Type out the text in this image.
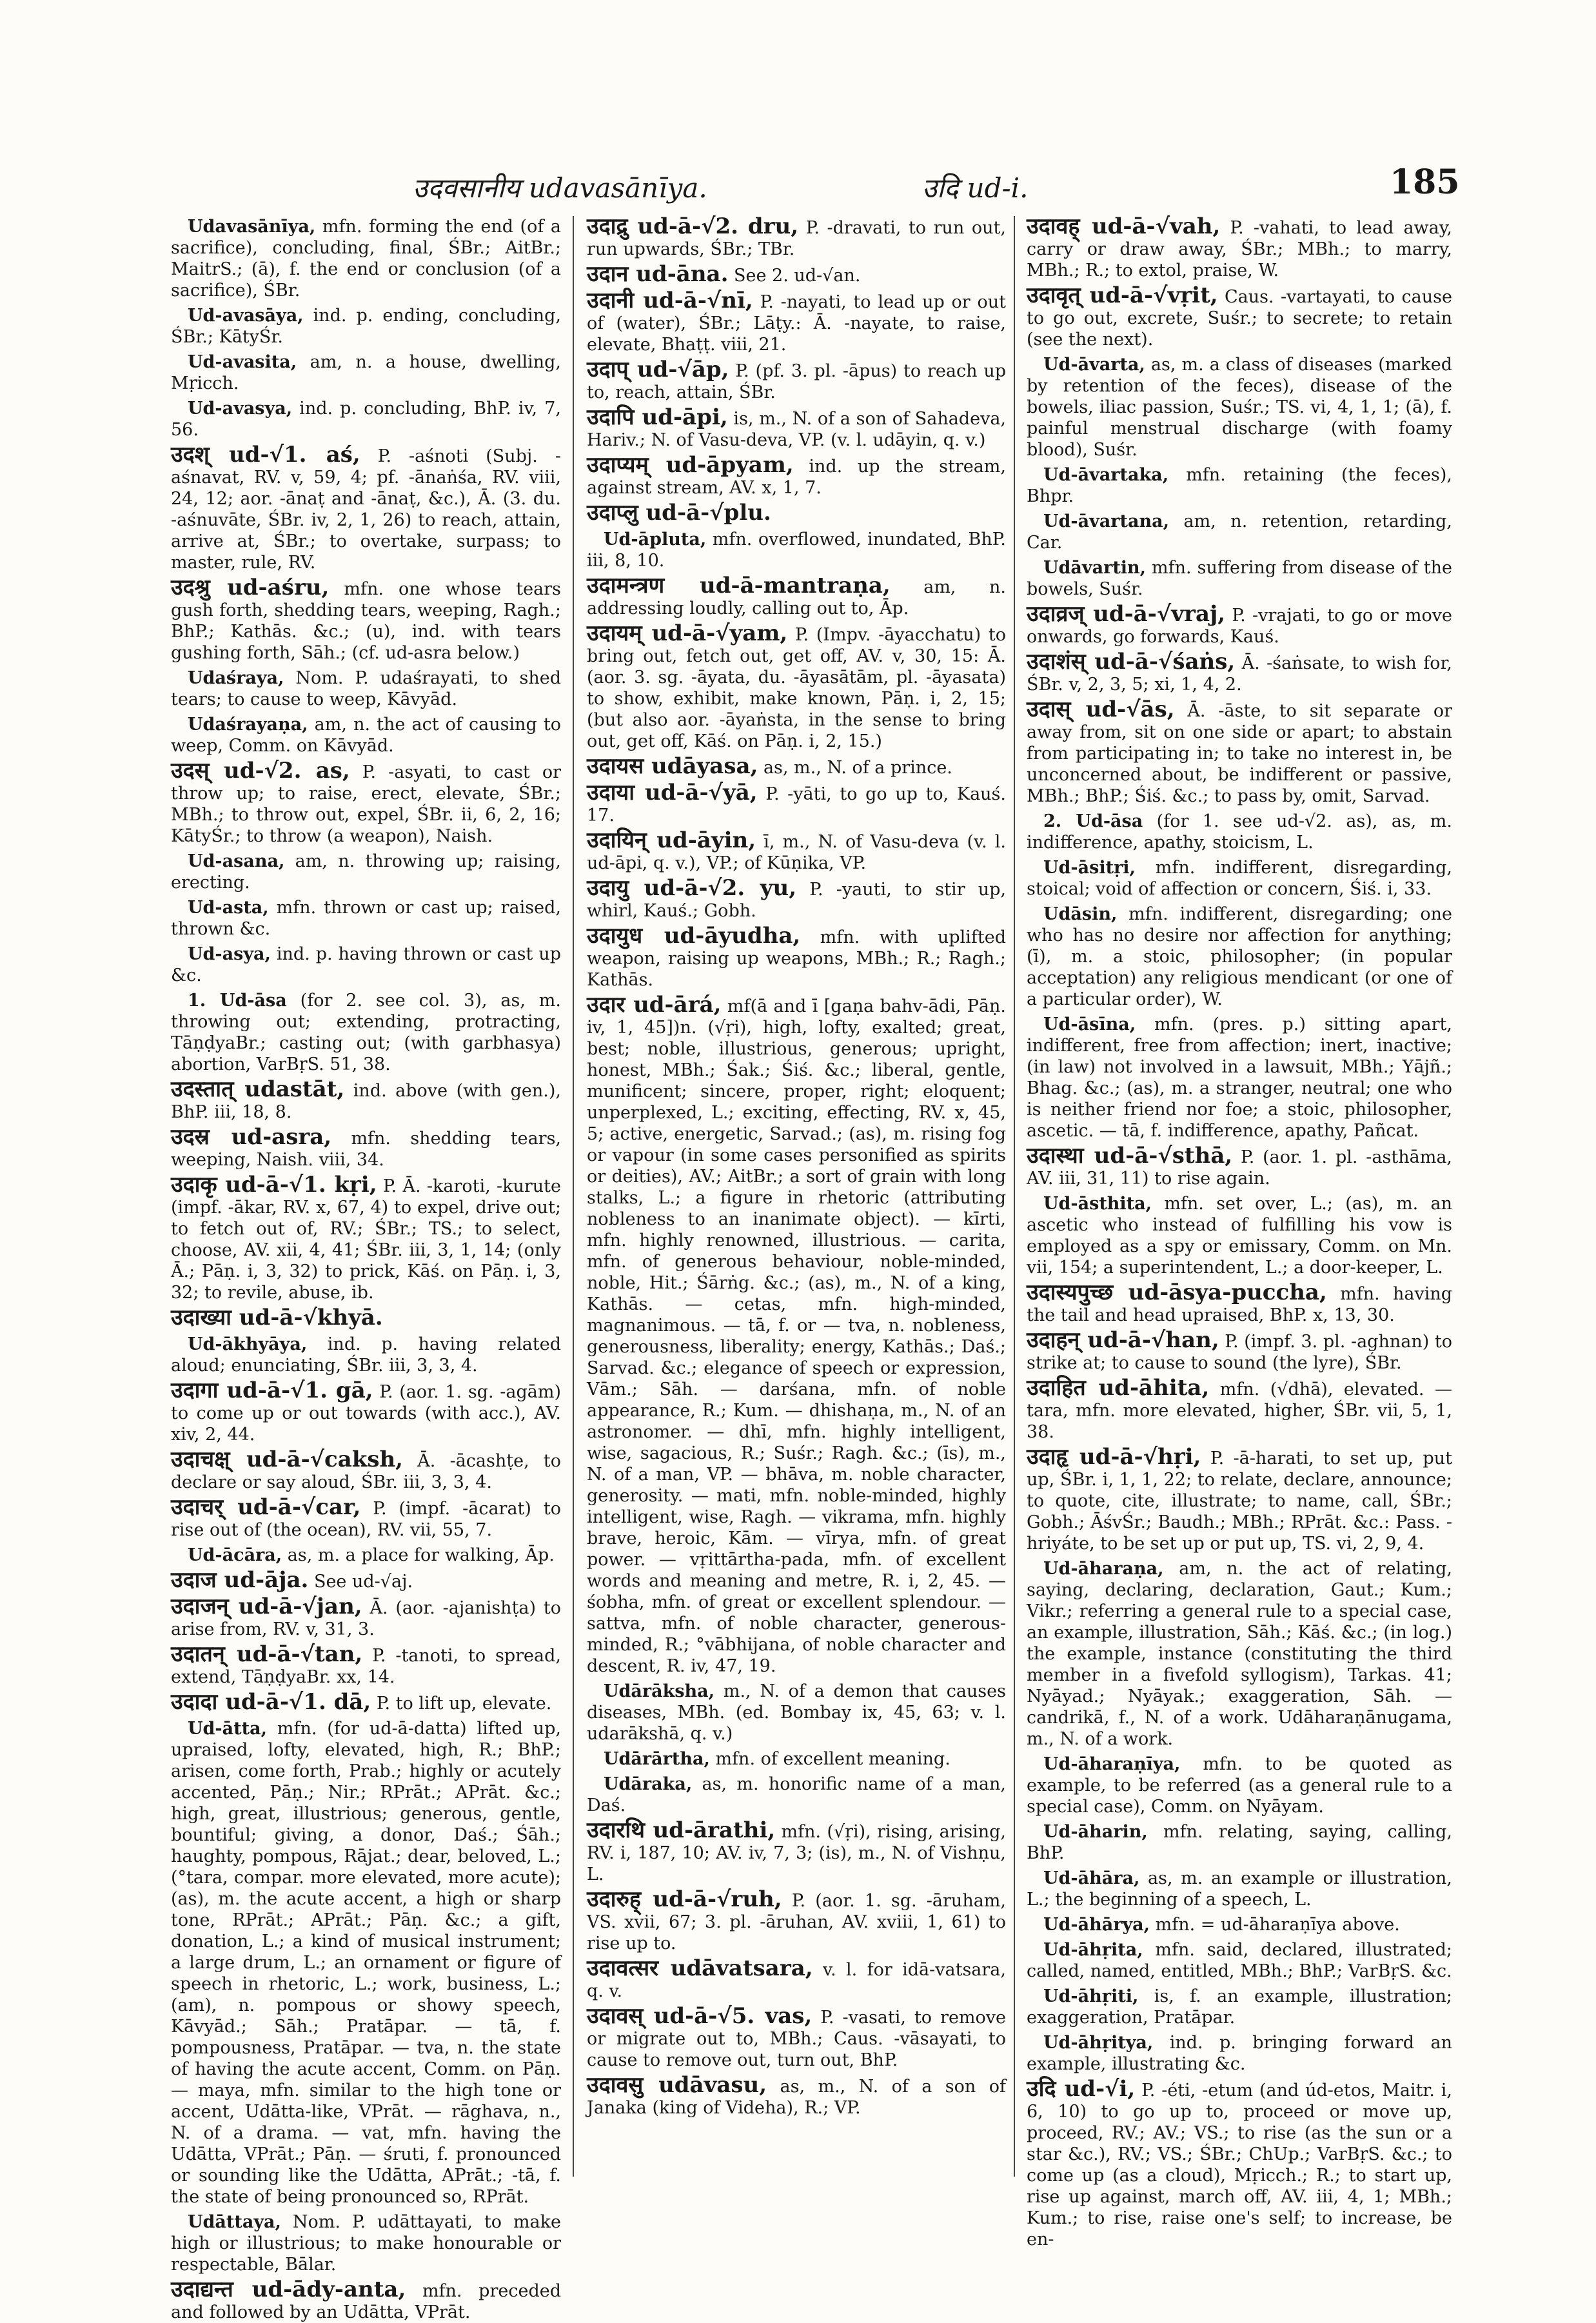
उदवसानीय udavasānīya.	उदि ud-i.	185

Udavasānīya, mfn. forming the end (of a sacrifice), concluding, final, ŚBr.; AitBr.; MaitrS.; (ā), f. the end or conclusion (of a sacrifice), ŚBr.

Ud-avasāya, ind. p. ending, concluding, ŚBr.; KātyŚr.

Ud-avasita, am, n. a house, dwelling, Mṛicch.

Ud-avasya, ind. p. concluding, BhP. iv, 7, 56.

उदश् ud-√1. aś, P. -aśnoti (Subj. -aśnavat, RV. v, 59, 4; pf. -ānaṅśa, RV. viii, 24, 12; aor. -ānaṭ and -ānaṭ, &c.), Ā. (3. du. -aśnuvāte, ŚBr. iv, 2, 1, 26) to reach, attain, arrive at, ŚBr.; to overtake, surpass; to master, rule, RV.

उदश्रु ud-aśru, mfn. one whose tears gush forth, shedding tears, weeping, Ragh.; BhP.; Kathās. &c.; (u), ind. with tears gushing forth, Sāh.; (cf. ud-asra below.)

Udaśraya, Nom. P. udaśrayati, to shed tears; to cause to weep, Kāvyād.

Udaśrayaṇa, am, n. the act of causing to weep, Comm. on Kāvyād.

उदस् ud-√2. as, P. -asyati, to cast or throw up; to raise, erect, elevate, ŚBr.; MBh.; to throw out, expel, ŚBr. ii, 6, 2, 16; KātyŚr.; to throw (a weapon), Naish.

Ud-asana, am, n. throwing up; raising, erecting.

Ud-asta, mfn. thrown or cast up; raised, thrown &c.

Ud-asya, ind. p. having thrown or cast up &c.

1. Ud-āsa (for 2. see col. 3), as, m. throwing out; extending, protracting, TāṇḍyaBr.; casting out; (with garbhasya) abortion, VarBṛS. 51, 38.

उदस्तात् udastāt, ind. above (with gen.), BhP. iii, 18, 8.

उदस्र ud-asra, mfn. shedding tears, weeping, Naish. viii, 34.

उदाकृ ud-ā-√1. kṛi, P. Ā. -karoti, -kurute (impf. -ākar, RV. x, 67, 4) to expel, drive out; to fetch out of, RV.; ŚBr.; TS.; to select, choose, AV. xii, 4, 41; ŚBr. iii, 3, 1, 14; (only Ā.; Pāṇ. i, 3, 32) to prick, Kāś. on Pāṇ. i, 3, 32; to revile, abuse, ib.

उदाख्या ud-ā-√khyā.

Ud-ākhyāya, ind. p. having related aloud; enunciating, ŚBr. iii, 3, 3, 4.

उदागा ud-ā-√1. gā, P. (aor. 1. sg. -agām) to come up or out towards (with acc.), AV. xiv, 2, 44.

उदाचक्ष् ud-ā-√caksh, Ā. -ācashṭe, to declare or say aloud, ŚBr. iii, 3, 3, 4.

उदाचर् ud-ā-√car, P. (impf. -ācarat) to rise out of (the ocean), RV. vii, 55, 7.

Ud-ācāra, as, m. a place for walking, Āp.

उदाज ud-āja. See ud-√aj.

उदाजन् ud-ā-√jan, Ā. (aor. -ajanishṭa) to arise from, RV. v, 31, 3.

उदातन् ud-ā-√tan, P. -tanoti, to spread, extend, TāṇḍyaBr. xx, 14.

उदादा ud-ā-√1. dā, P. to lift up, elevate.

Ud-ātta, mfn. (for ud-ā-datta) lifted up, upraised, lofty, elevated, high, R.; BhP.; arisen, come forth, Prab.; highly or acutely accented, Pāṇ.; Nir.; RPrāt.; APrāt. &c.; high, great, illustrious; generous, gentle, bountiful; giving, a donor, Daś.; Śāh.; haughty, pompous, Rājat.; dear, beloved, L.; (°tara, compar. more elevated, more acute); (as), m. the acute accent, a high or sharp tone, RPrāt.; APrāt.; Pāṇ. &c.; a gift, donation, L.; a kind of musical instrument; a large drum, L.; an ornament or figure of speech in rhetoric, L.; work, business, L.; (am), n. pompous or showy speech, Kāvyād.; Sāh.; Pratāpar. — tā, f. pompousness, Pratāpar. — tva, n. the state of having the acute accent, Comm. on Pāṇ. — maya, mfn. similar to the high tone or accent, Udātta-like, VPrāt. — rāghava, n., N. of a drama. — vat, mfn. having the Udātta, VPrāt.; Pāṇ. — śruti, f. pronounced or sounding like the Udātta, APrāt.; -tā, f. the state of being pronounced so, RPrāt.

Udāttaya, Nom. P. udāttayati, to make high or illustrious; to make honourable or respectable, Bālar.

उदाद्यन्त ud-ādy-anta, mfn. preceded and followed by an Udātta, VPrāt.

उदाद्रु ud-ā-√2. dru, P. -dravati, to run out, run upwards, ŚBr.; TBr.

उदान ud-āna. See 2. ud-√an.

उदानी ud-ā-√nī, P. -nayati, to lead up or out of (water), ŚBr.; Lāṭy.: Ā. -nayate, to raise, elevate, Bhaṭṭ. viii, 21.

उदाप् ud-√āp, P. (pf. 3. pl. -āpus) to reach up to, reach, attain, ŚBr.

उदापि ud-āpi, is, m., N. of a son of Sahadeva, Hariv.; N. of Vasu-deva, VP. (v. l. udāyin, q. v.)

उदाप्यम् ud-āpyam, ind. up the stream, against stream, AV. x, 1, 7.

उदाप्लु ud-ā-√plu.

Ud-āpluta, mfn. overflowed, inundated, BhP. iii, 8, 10.

उदामन्त्रण ud-ā-mantraṇa, am, n. addressing loudly, calling out to, Āp.

उदायम् ud-ā-√yam, P. (Impv. -āyacchatu) to bring out, fetch out, get off, AV. v, 30, 15: Ā. (aor. 3. sg. -āyata, du. -āyasātām, pl. -āyasata) to show, exhibit, make known, Pāṇ. i, 2, 15; (but also aor. -āyaṅsta, in the sense to bring out, get off, Kāś. on Pāṇ. i, 2, 15.)

उदायस udāyasa, as, m., N. of a prince.

उदाया ud-ā-√yā, P. -yāti, to go up to, Kauś. 17.

उदायिन् ud-āyin, ī, m., N. of Vasu-deva (v. l. ud-āpi, q. v.), VP.; of Kūṇika, VP.

उदायु ud-ā-√2. yu, P. -yauti, to stir up, whirl, Kauś.; Gobh.

उदायुध ud-āyudha, mfn. with uplifted weapon, raising up weapons, MBh.; R.; Ragh.; Kathās.

उदार ud-ārá, mf(ā and ī [gaṇa bahv-ādi, Pāṇ. iv, 1, 45])n. (√ṛi), high, lofty, exalted; great, best; noble, illustrious, generous; upright, honest, MBh.; Śak.; Śiś. &c.; liberal, gentle, munificent; sincere, proper, right; eloquent; unperplexed, L.; exciting, effecting, RV. x, 45, 5; active, energetic, Sarvad.; (as), m. rising fog or vapour (in some cases personified as spirits or deities), AV.; AitBr.; a sort of grain with long stalks, L.; a figure in rhetoric (attributing nobleness to an inanimate object). — kīrti, mfn. highly renowned, illustrious. — carita, mfn. of generous behaviour, noble-minded, noble, Hit.; Śārṅg. &c.; (as), m., N. of a king, Kathās. — cetas, mfn. high-minded, magnanimous. — tā, f. or — tva, n. nobleness, generousness, liberality; energy, Kathās.; Daś.; Sarvad. &c.; elegance of speech or expression, Vām.; Sāh. — darśana, mfn. of noble appearance, R.; Kum. — dhishaṇa, m., N. of an astronomer. — dhī, mfn. highly intelligent, wise, sagacious, R.; Suśr.; Ragh. &c.; (īs), m., N. of a man, VP. — bhāva, m. noble character, generosity. — mati, mfn. noble-minded, highly intelligent, wise, Ragh. — vikrama, mfn. highly brave, heroic, Kām. — vīrya, mfn. of great power. — vṛittārtha-pada, mfn. of excellent words and meaning and metre, R. i, 2, 45. — śobha, mfn. of great or excellent splendour. — sattva, mfn. of noble character, generous-minded, R.; °vābhijana, of noble character and descent, R. iv, 47, 19.

Udārāksha, m., N. of a demon that causes diseases, MBh. (ed. Bombay ix, 45, 63; v. l. udarākshā, q. v.)

Udārārtha, mfn. of excellent meaning.

Udāraka, as, m. honorific name of a man, Daś.

उदारथि ud-ārathi, mfn. (√ṛi), rising, arising, RV. i, 187, 10; AV. iv, 7, 3; (is), m., N. of Vishṇu, L.

उदारुह् ud-ā-√ruh, P. (aor. 1. sg. -āruham, VS. xvii, 67; 3. pl. -āruhan, AV. xviii, 1, 61) to rise up to.

उदावत्सर udāvatsara, v. l. for idā-vatsara, q. v.

उदावस् ud-ā-√5. vas, P. -vasati, to remove or migrate out to, MBh.; Caus. -vāsayati, to cause to remove out, turn out, BhP.

उदावसु udāvasu, as, m., N. of a son of Janaka (king of Videha), R.; VP.

उदावह् ud-ā-√vah, P. -vahati, to lead away, carry or draw away, ŚBr.; MBh.; to marry, MBh.; R.; to extol, praise, W.

उदावृत् ud-ā-√vṛit, Caus. -vartayati, to cause to go out, excrete, Suśr.; to secrete; to retain (see the next).

Ud-āvarta, as, m. a class of diseases (marked by retention of the feces), disease of the bowels, iliac passion, Suśr.; TS. vi, 4, 1, 1; (ā), f. painful menstrual discharge (with foamy blood), Suśr.

Ud-āvartaka, mfn. retaining (the feces), Bhpr.

Ud-āvartana, am, n. retention, retarding, Car.

Udāvartin, mfn. suffering from disease of the bowels, Suśr.

उदाव्रज् ud-ā-√vraj, P. -vrajati, to go or move onwards, go forwards, Kauś.

उदाशंस् ud-ā-√śaṅs, Ā. -śaṅsate, to wish for, ŚBr. v, 2, 3, 5; xi, 1, 4, 2.

उदास् ud-√ās, Ā. -āste, to sit separate or away from, sit on one side or apart; to abstain from participating in; to take no interest in, be unconcerned about, be indifferent or passive, MBh.; BhP.; Śiś. &c.; to pass by, omit, Sarvad.

2. Ud-āsa (for 1. see ud-√2. as), as, m. indifference, apathy, stoicism, L.

Ud-āsitṛi, mfn. indifferent, disregarding, stoical; void of affection or concern, Śiś. i, 33.

Udāsin, mfn. indifferent, disregarding; one who has no desire nor affection for anything; (ī), m. a stoic, philosopher; (in popular acceptation) any religious mendicant (or one of a particular order), W.

Ud-āsīna, mfn. (pres. p.) sitting apart, indifferent, free from affection; inert, inactive; (in law) not involved in a lawsuit, MBh.; Yājñ.; Bhag. &c.; (as), m. a stranger, neutral; one who is neither friend nor foe; a stoic, philosopher, ascetic. — tā, f. indifference, apathy, Pañcat.

उदास्था ud-ā-√sthā, P. (aor. 1. pl. -asthāma, AV. iii, 31, 11) to rise again.

Ud-āsthita, mfn. set over, L.; (as), m. an ascetic who instead of fulfilling his vow is employed as a spy or emissary, Comm. on Mn. vii, 154; a superintendent, L.; a door-keeper, L.

उदास्यपुच्छ ud-āsya-puccha, mfn. having the tail and head upraised, BhP. x, 13, 30.

उदाहन् ud-ā-√han, P. (impf. 3. pl. -aghnan) to strike at; to cause to sound (the lyre), ŚBr.

उदाहित ud-āhita, mfn. (√dhā), elevated. — tara, mfn. more elevated, higher, ŚBr. vii, 5, 1, 38.

उदाहृ ud-ā-√hṛi, P. -ā-harati, to set up, put up, ŚBr. i, 1, 1, 22; to relate, declare, announce; to quote, cite, illustrate; to name, call, ŚBr.; Gobh.; ĀśvŚr.; Baudh.; MBh.; RPrāt. &c.: Pass. -hriyáte, to be set up or put up, TS. vi, 2, 9, 4.

Ud-āharaṇa, am, n. the act of relating, saying, declaring, declaration, Gaut.; Kum.; Vikr.; referring a general rule to a special case, an example, illustration, Sāh.; Kāś. &c.; (in log.) the example, instance (constituting the third member in a fivefold syllogism), Tarkas. 41; Nyāyad.; Nyāyak.; exaggeration, Sāh. — candrikā, f., N. of a work. Udāharaṇānugama, m., N. of a work.

Ud-āharaṇīya, mfn. to be quoted as example, to be referred (as a general rule to a special case), Comm. on Nyāyam.

Ud-āharin, mfn. relating, saying, calling, BhP.

Ud-āhāra, as, m. an example or illustration, L.; the beginning of a speech, L.

Ud-āhārya, mfn. = ud-āharaṇīya above.

Ud-āhṛita, mfn. said, declared, illustrated; called, named, entitled, MBh.; BhP.; VarBṛS. &c.

Ud-āhṛiti, is, f. an example, illustration; exaggeration, Pratāpar.

Ud-āhṛitya, ind. p. bringing forward an example, illustrating &c.

उदि ud-√i, P. -éti, -etum (and úd-etos, Maitr. i, 6, 10) to go up to, proceed or move up, proceed, RV.; AV.; VS.; to rise (as the sun or a star &c.), RV.; VS.; ŚBr.; ChUp.; VarBṛS. &c.; to come up (as a cloud), Mṛicch.; R.; to start up, rise up against, march off, AV. iii, 4, 1; MBh.; Kum.; to rise, raise one's self; to increase, be en-
